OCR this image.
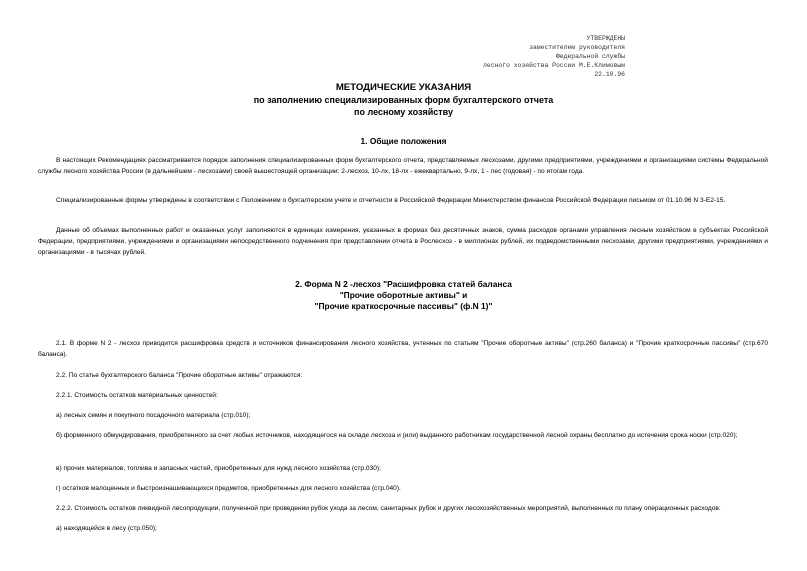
УТВЕРЖДЕНЫ
заместителем руководителя
Федеральной службы
лесного хозяйства России М.Е.Климовым
22.10.96
МЕТОДИЧЕСКИЕ УКАЗАНИЯ
по заполнению специализированных форм бухгалтерского отчета
по лесному хозяйству
1. Общие положения

В настоящих Рекомендациях рассматривается порядок заполнения специализированных форм бухгалтерского отчета, представляемых лесхозами, другими предприятиями, учреждениями и организациями системы Федеральной службы лесного хозяйства России (в дальнейшем - лесхозами) своей вышестоящей организации: 2-лесхоз, 10-лх, 18-лх - ежеквартально, 9-лх, 1 - лес (годовая) - по итогам года.

Специализированные формы утверждены в соответствии с Положением о бухгалтерском учете и отчетности в Российской Федерации Министерством финансов Российской Федерации письмом от 01.10.96 N 3-Е2-15.

Данные об объемах выполненных работ и оказанных услуг заполняются в единицах измерения, указанных в формах без десятичных знаков, сумма расходов органами управления лесным хозяйством в субъектах Российской Федерации, предприятиями, учреждениями и организациями непосредственного подчинения при представлении отчета в Рослесхоз - в миллионах рублей, их подведомственными лесхозами, другими предприятиями, учреждениями и организациями - в тысячах рублей.

2. Форма N 2 -лесхоз "Расшифровка статей баланса
"Прочие оборотные активы" и
"Прочие краткосрочные пассивы" (ф.N 1)"

2.1. В форме N 2 - лесхоз приводится расшифровка средств и источников финансирования лесного хозяйства, учтенных по статьям "Прочие оборотные активы" (стр.260 баланса) и "Прочие краткосрочные пассивы" (стр.670 баланса).

2.2. По статье бухгалтерского баланса "Прочие оборотные активы" отражаются:

2.2.1. Стоимость остатков материальных ценностей:

а) лесных семян и покупного посадочного материала (стр.010);

б) форменного обмундирования, приобретенного за счет любых источников, находящегося на складе лесхоза и (или) выданного работникам государственной лесной охраны бесплатно до истечения срока носки (стр.020);

в) прочих материалов, топлива и запасных частей, приобретенных для нужд лесного хозяйства (стр.030);

г) остатков малоценных и быстроизнашивающихся предметов, приобретенных для лесного хозяйства (стр.040).

2.2.2. Стоимость остатков ликвидной лесопродукции, полученной при проведении рубок ухода за лесом, санитарных рубок и других лесохозяйственных мероприятий, выполненных по плану операционных расходов:

а) находящейся в лесу (стр.050);
